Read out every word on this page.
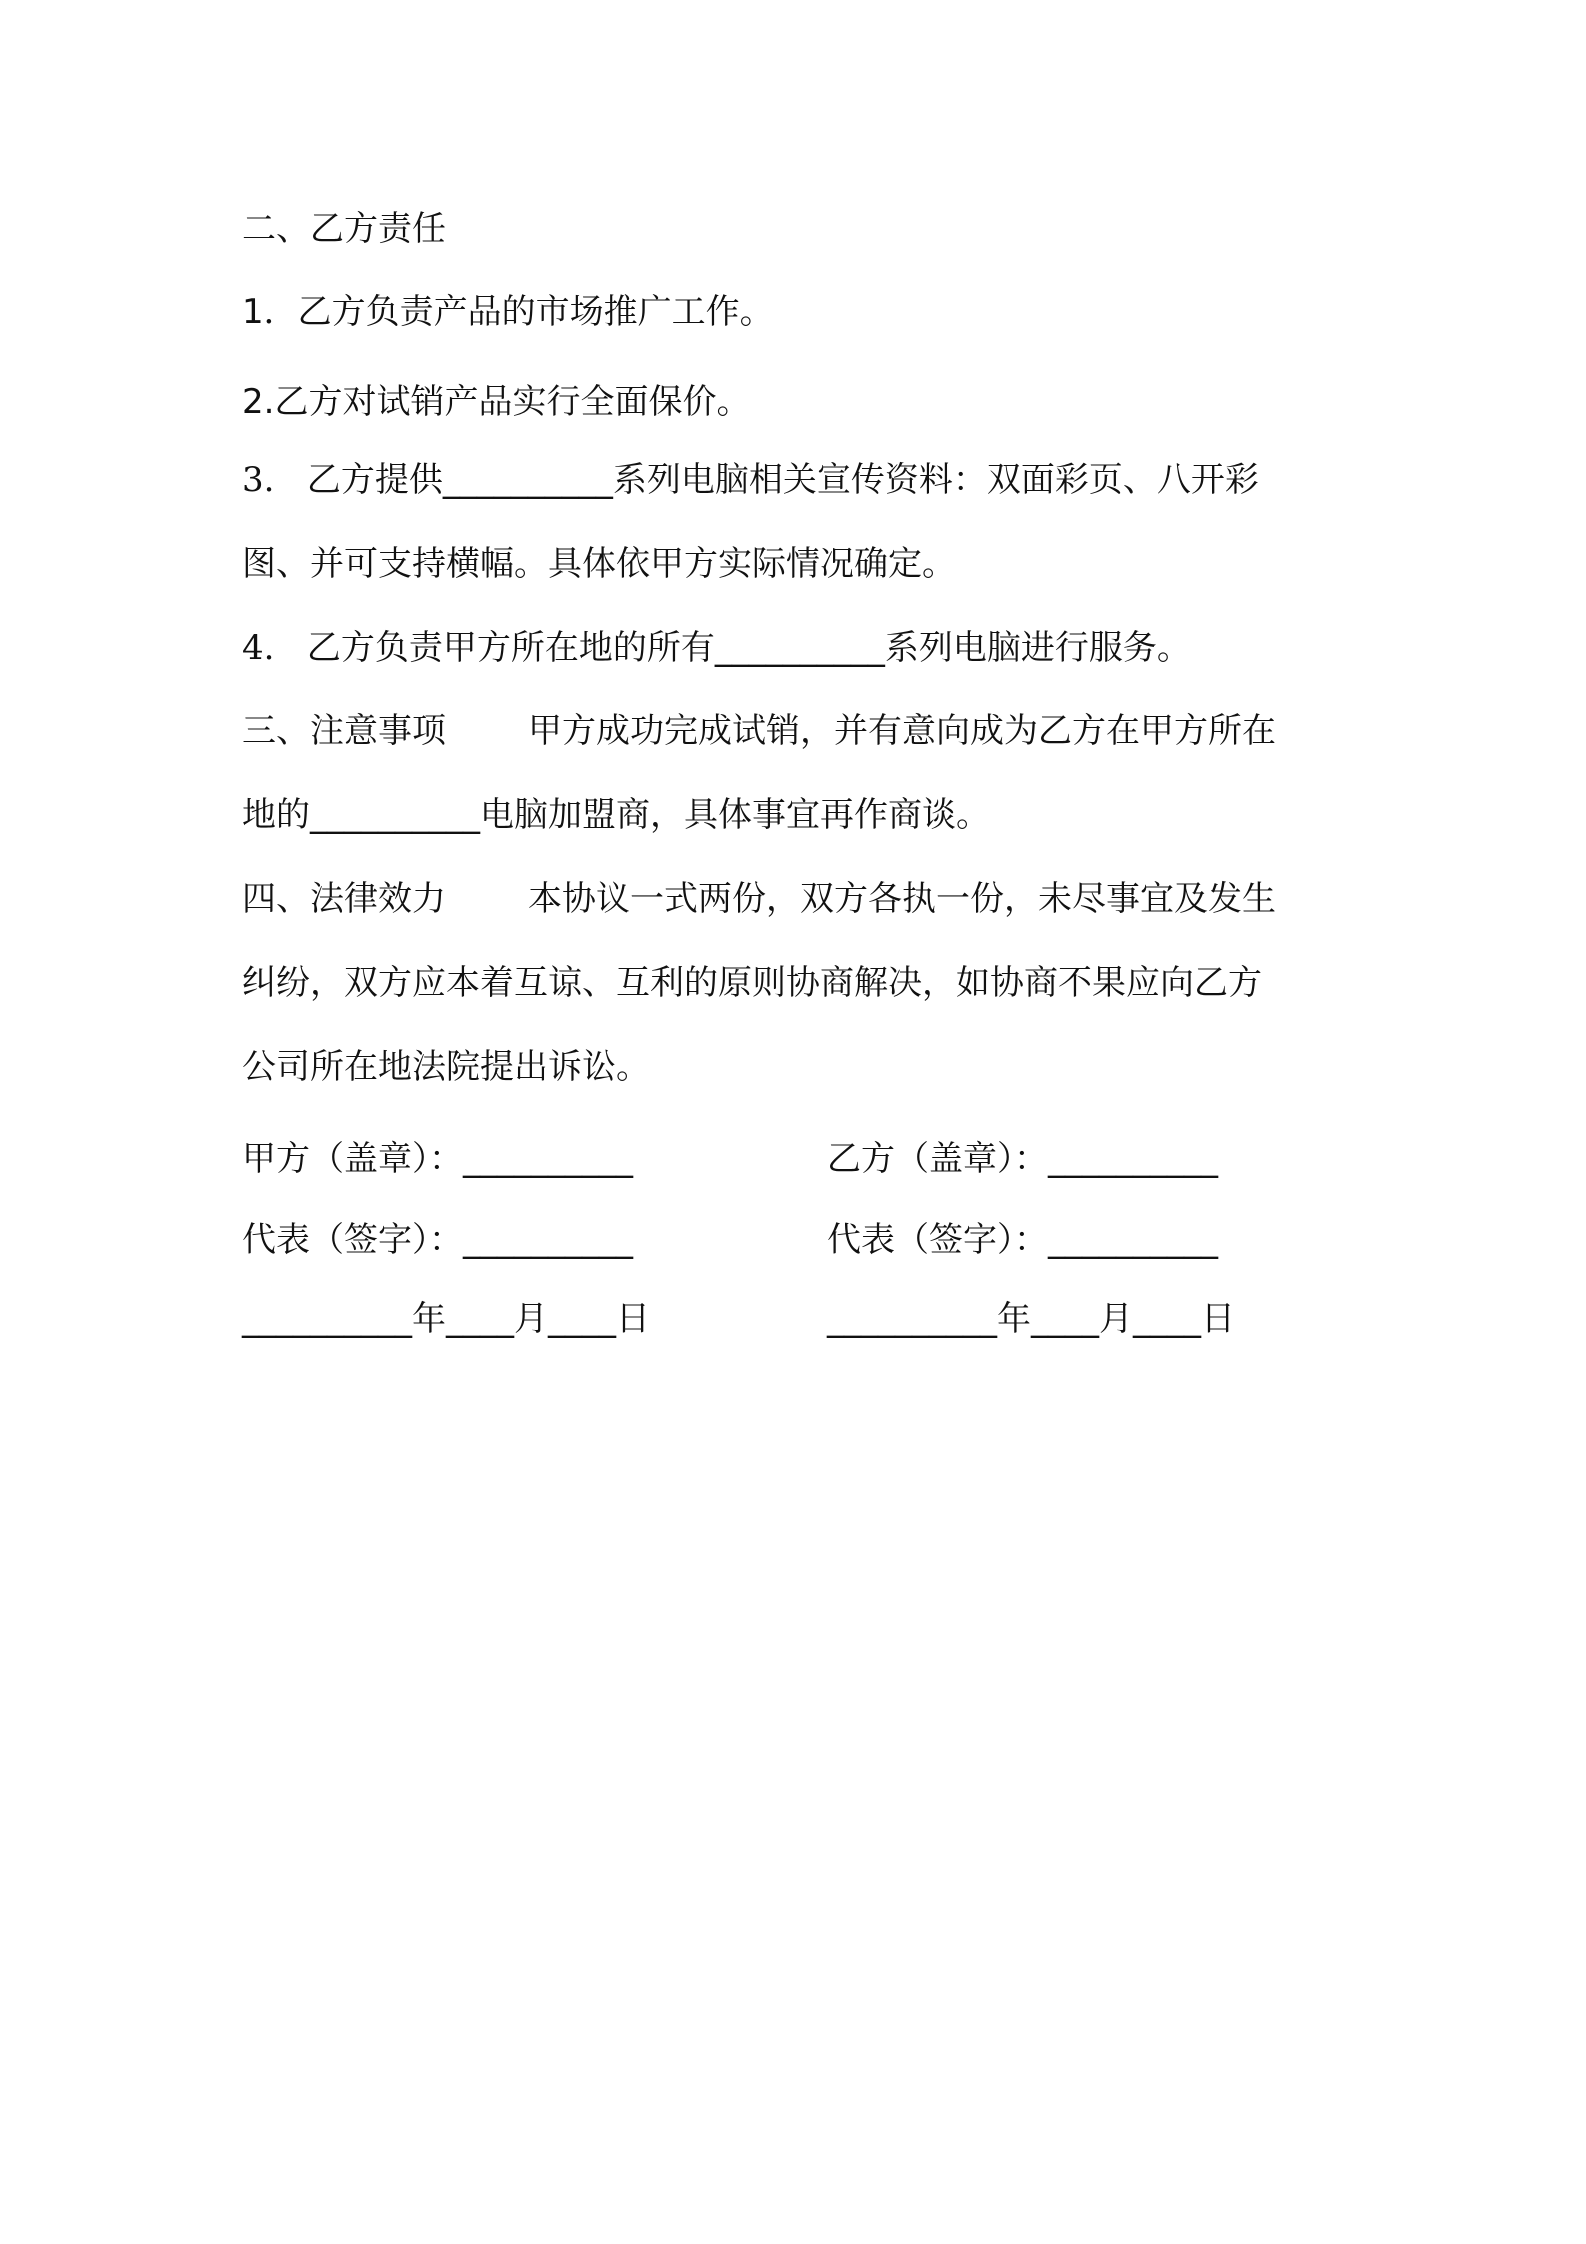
二、乙方责任
1．乙方负责产品的市场推广工作。
2.乙方对试销产品实行全面保价。
3. 乙方提供__________系列电脑相关宣传资料：双面彩页、八开彩
图、并可支持横幅。具体依甲方实际情况确定。
4. 乙方负责甲方所在地的所有__________系列电脑进行服务。
三、注意事项 甲方成功完成试销，并有意向成为乙方在甲方所在
地的__________电脑加盟商，具体事宜再作商谈。
四、法律效力 本协议一式两份，双方各执一份，未尽事宜及发生
纠纷，双方应本着互谅、互利的原则协商解决，如协商不果应向乙方
公司所在地法院提出诉讼。
甲方（盖章）：__________	乙方（盖章）：__________
代表（签字）：__________	代表（签字）：__________
__________年____月____日	__________年____月____日
